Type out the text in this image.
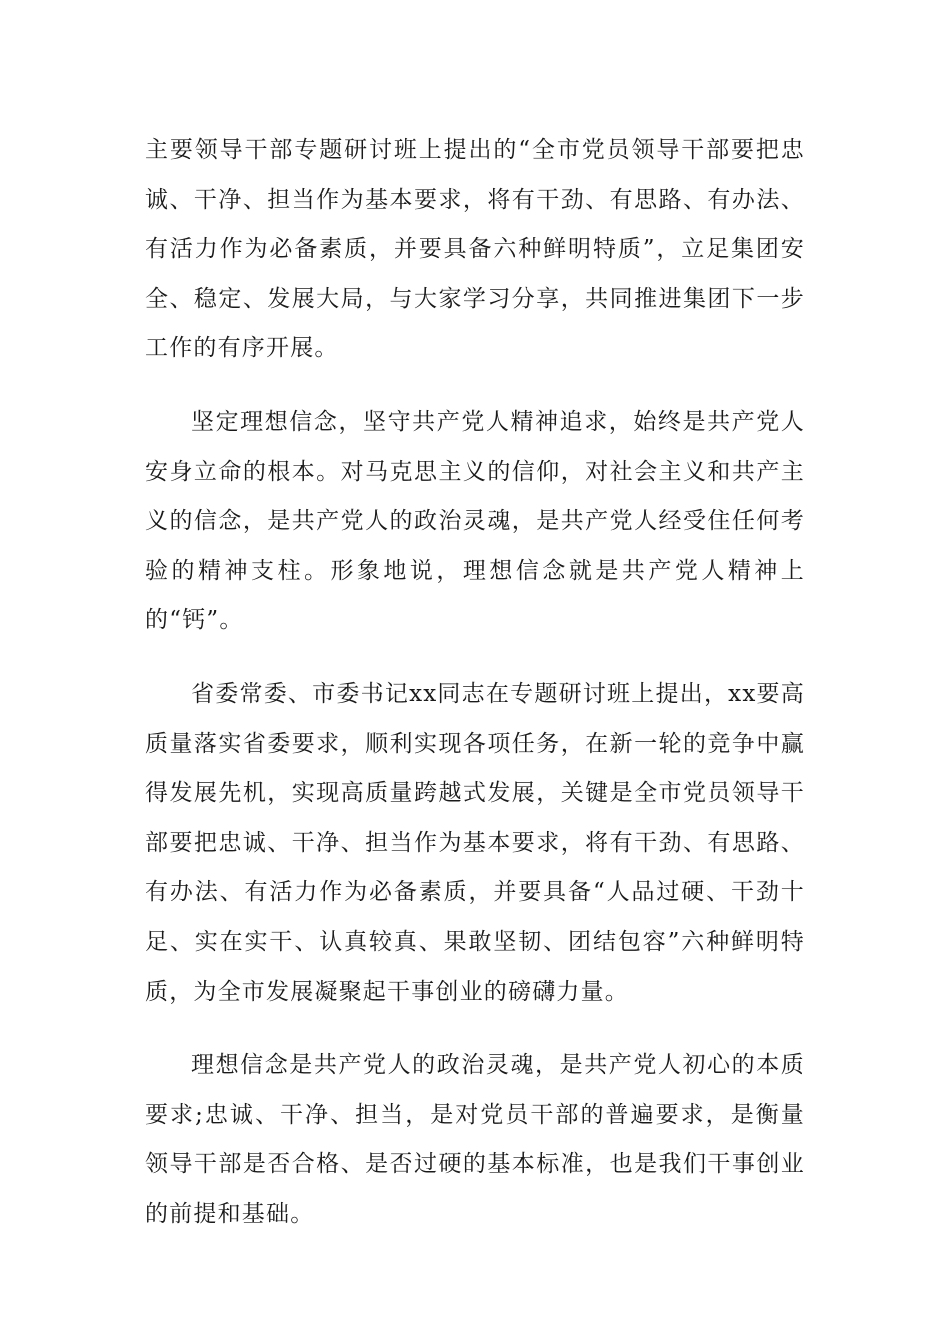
主要领导干部专题研讨班上提出的“全市党员领导干部要把忠诚、干净、担当作为基本要求，将有干劲、有思路、有办法、有活力作为必备素质，并要具备六种鲜明特质”，立足集团安全、稳定、发展大局，与大家学习分享，共同推进集团下一步工作的有序开展。

坚定理想信念，坚守共产党人精神追求，始终是共产党人安身立命的根本。对马克思主义的信仰，对社会主义和共产主义的信念，是共产党人的政治灵魂，是共产党人经受住任何考验的精神支柱。形象地说，理想信念就是共产党人精神上的“钙”。

省委常委、市委书记xx同志在专题研讨班上提出，xx要高质量落实省委要求，顺利实现各项任务，在新一轮的竞争中赢得发展先机，实现高质量跨越式发展，关键是全市党员领导干部要把忠诚、干净、担当作为基本要求，将有干劲、有思路、有办法、有活力作为必备素质，并要具备“人品过硬、干劲十足、实在实干、认真较真、果敢坚韧、团结包容”六种鲜明特质，为全市发展凝聚起干事创业的磅礴力量。

理想信念是共产党人的政治灵魂，是共产党人初心的本质要求;忠诚、干净、担当，是对党员干部的普遍要求，是衡量领导干部是否合格、是否过硬的基本标准，也是我们干事创业的前提和基础。
